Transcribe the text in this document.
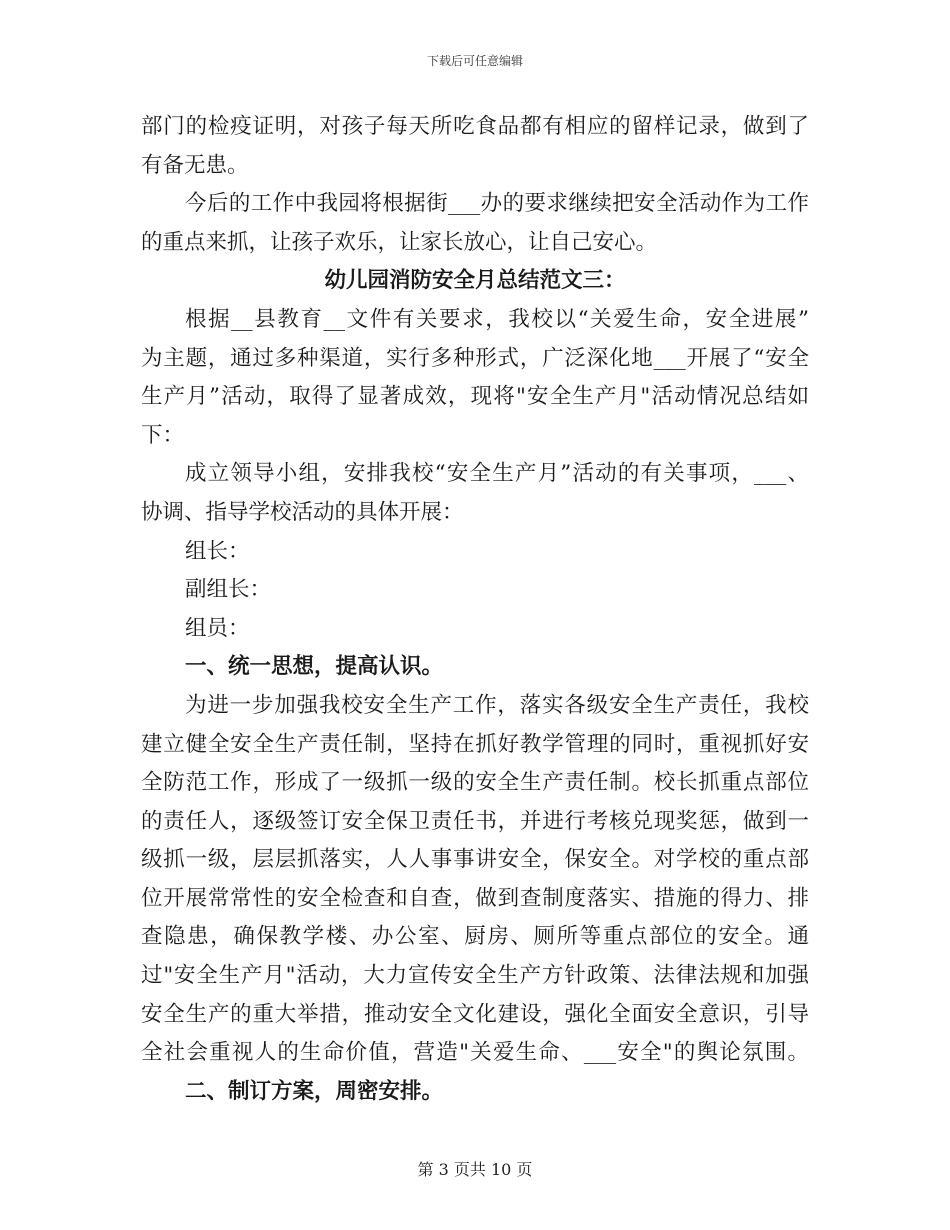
下载后可任意编辑
部门的检疫证明，对孩子每天所吃食品都有相应的留样记录，做到了
有备无患。
今后的工作中我园将根据街___办的要求继续把安全活动作为工作
的重点来抓，让孩子欢乐，让家长放心，让自己安心。
幼儿园消防安全月总结范文三：
根据__县教育__文件有关要求，我校以“关爱生命，安全进展”
为主题，通过多种渠道，实行多种形式，广泛深化地___开展了“安全
生产月”活动，取得了显著成效，现将"安全生产月"活动情况总结如
下：
成立领导小组，安排我校“安全生产月”活动的有关事项，___、
协调、指导学校活动的具体开展：
组长：
副组长：
组员：
一、统一思想，提高认识。
为进一步加强我校安全生产工作，落实各级安全生产责任，我校
建立健全安全生产责任制，坚持在抓好教学管理的同时，重视抓好安
全防范工作，形成了一级抓一级的安全生产责任制。校长抓重点部位
的责任人，逐级签订安全保卫责任书，并进行考核兑现奖惩，做到一
级抓一级，层层抓落实，人人事事讲安全，保安全。对学校的重点部
位开展常常性的安全检查和自查，做到查制度落实、措施的得力、排
查隐患，确保教学楼、办公室、厨房、厕所等重点部位的安全。通
过"安全生产月"活动，大力宣传安全生产方针政策、法律法规和加强
安全生产的重大举措，推动安全文化建设，强化全面安全意识，引导
全社会重视人的生命价值，营造"关爱生命、___安全"的舆论氛围。
二、制订方案，周密安排。
第 3 页共 10 页
